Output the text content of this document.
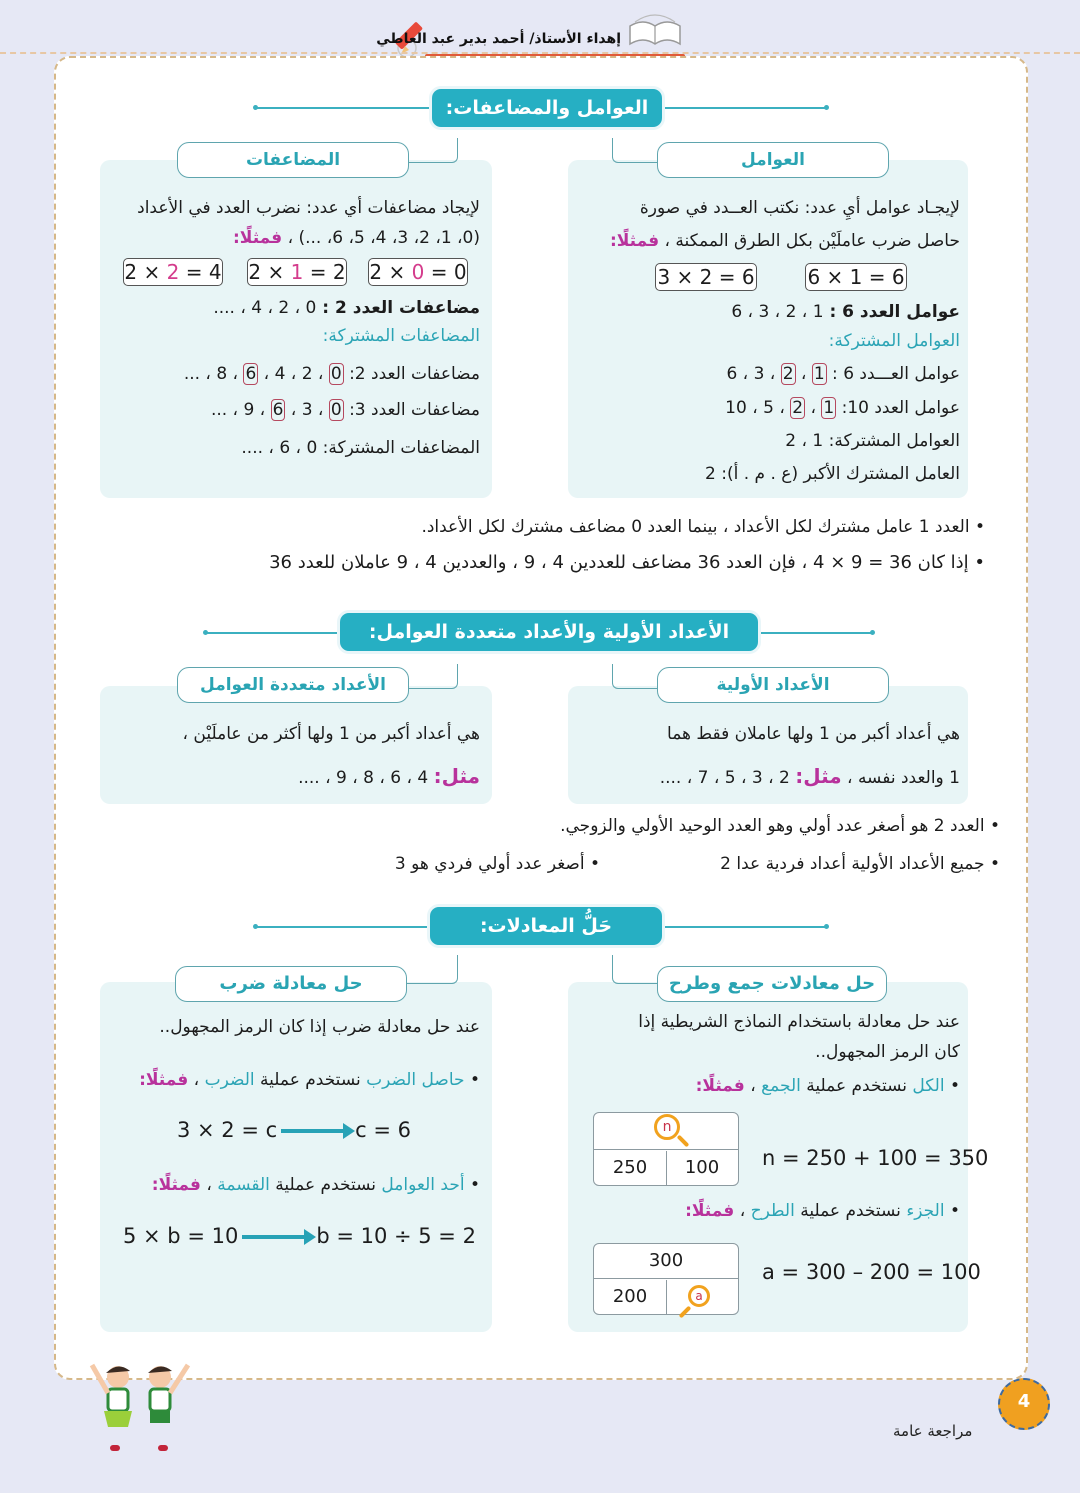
إهداء الأستاذ/ أحمد بدير عبد العاطي
العوامل والمضاعفات:
العوامل
لإيجـاد عوامل أيِ عدد: نكتب العــدد في صورة
حاصل ضرب عاملَيْن بكل الطرق الممكنة ، فمثلًا:
6 × 1 = 6
3 × 2 = 6
عوامل العدد 6 : 1 ، 2 ، 3 ، 6
العوامل المشتركة:
عوامل العـــدد 6 : 1 ، 2 ، 3 ، 6
عوامل العدد 10: 1 ، 2 ، 5 ، 10
العوامل المشتركة: 1 ، 2
العامل المشترك الأكبر (ع . م . أ): 2
المضاعفات
لإيجاد مضاعفات أي عدد: نضرب العدد في الأعداد
(0، 1، 2، 3، 4، 5، 6، ...) ، فمثلًا:
2 × 0 = 0
2 × 1 = 2
2 × 2 = 4
مضاعفات العدد 2 : 0 ، 2 ، 4 ، ....
المضاعفات المشتركة:
مضاعفات العدد 2: 0 ، 2 ، 4 ، 6 ، 8 ، ...
مضاعفات العدد 3: 0 ، 3 ، 6 ، 9 ، ...
المضاعفات المشتركة: 0 ، 6 ، ....
• العدد 1 عامل مشترك لكل الأعداد ، بينما العدد 0 مضاعف مشترك لكل الأعداد.
• إذا كان 36 = 9 × 4 ، فإن العدد 36 مضاعف للعددين 4 ، 9 ، والعددين 4 ، 9 عاملان للعدد 36
الأعداد الأولية والأعداد متعددة العوامل:
الأعداد الأولية
هي أعداد أكبر من 1 ولها عاملان فقط هما
1 والعدد نفسه ، مثل: 2 ، 3 ، 5 ، 7 ، ....
الأعداد متعددة العوامل
هي أعداد أكبر من 1 ولها أكثر من عاملَيْن ،
مثل: 4 ، 6 ، 8 ، 9 ، ....
• العدد 2 هو أصغر عدد أولي وهو العدد الوحيد الأولي والزوجي.
• جميع الأعداد الأولية أعداد فردية عدا 2
• أصغر عدد أولي فردي هو 3
حَلُّ المعادلات:
حل معادلات جمع وطرح
عند حل معادلة باستخدام النماذج الشريطية إذا
كان الرمز المجهول..
• الكل نستخدم عملية الجمع ، فمثلًا:
250	100
n
n = 250 + 100 = 350
• الجزء نستخدم عملية الطرح ، فمثلًا:
300
200	a
a = 300 – 200 = 100
حل معادلة ضرب
عند حل معادلة ضرب إذا كان الرمز المجهول..
• حاصل الضرب نستخدم عملية الضرب ، فمثلًا:
3 × 2 = c	c = 6
• أحد العوامل نستخدم عملية القسمة ، فمثلًا:
5 × b = 10	b = 10 ÷ 5 = 2
4
مراجعة عامة
